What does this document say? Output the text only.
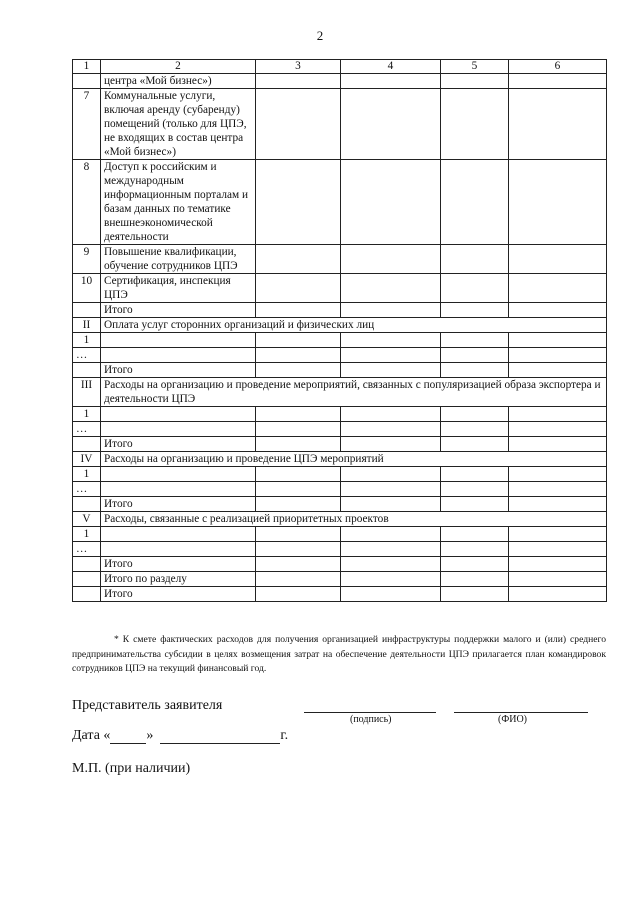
2
1	2	3	4	5	6
	центра «Мой бизнес»)				
7	Коммунальные услуги, включая аренду (субаренду) помещений (только для ЦПЭ, не входящих в состав центра «Мой бизнес»)				
8	Доступ к российским и международным информационным порталам и базам данных по тематике внешнеэкономической деятельности				
9	Повышение квалификации, обучение сотрудников ЦПЭ				
10	Сертификация, инспекция ЦПЭ				
	Итого				
II	Оплата услуг сторонних организаций и физических лиц				
1					
…					
	Итого				
III	Расходы на организацию и проведение мероприятий, связанных с популяризацией образа экспортера и деятельности ЦПЭ				
1					
…					
	Итого				
IV	Расходы на организацию и проведение ЦПЭ мероприятий				
1					
…					
	Итого				
V	Расходы, связанные с реализацией приоритетных проектов				
1					
…					
	Итого				
	Итого по разделу				
	Итого				
* К смете фактических расходов для получения организацией инфраструктуры поддержки малого и (или) среднего предпринимательства субсидии в целях возмещения затрат на обеспечение деятельности ЦПЭ прилагается план командировок сотрудников ЦПЭ на текущий финансовый год.
Представитель заявителя
(подпись)	(ФИО)
Дата «	»	г.
М.П. (при наличии)
